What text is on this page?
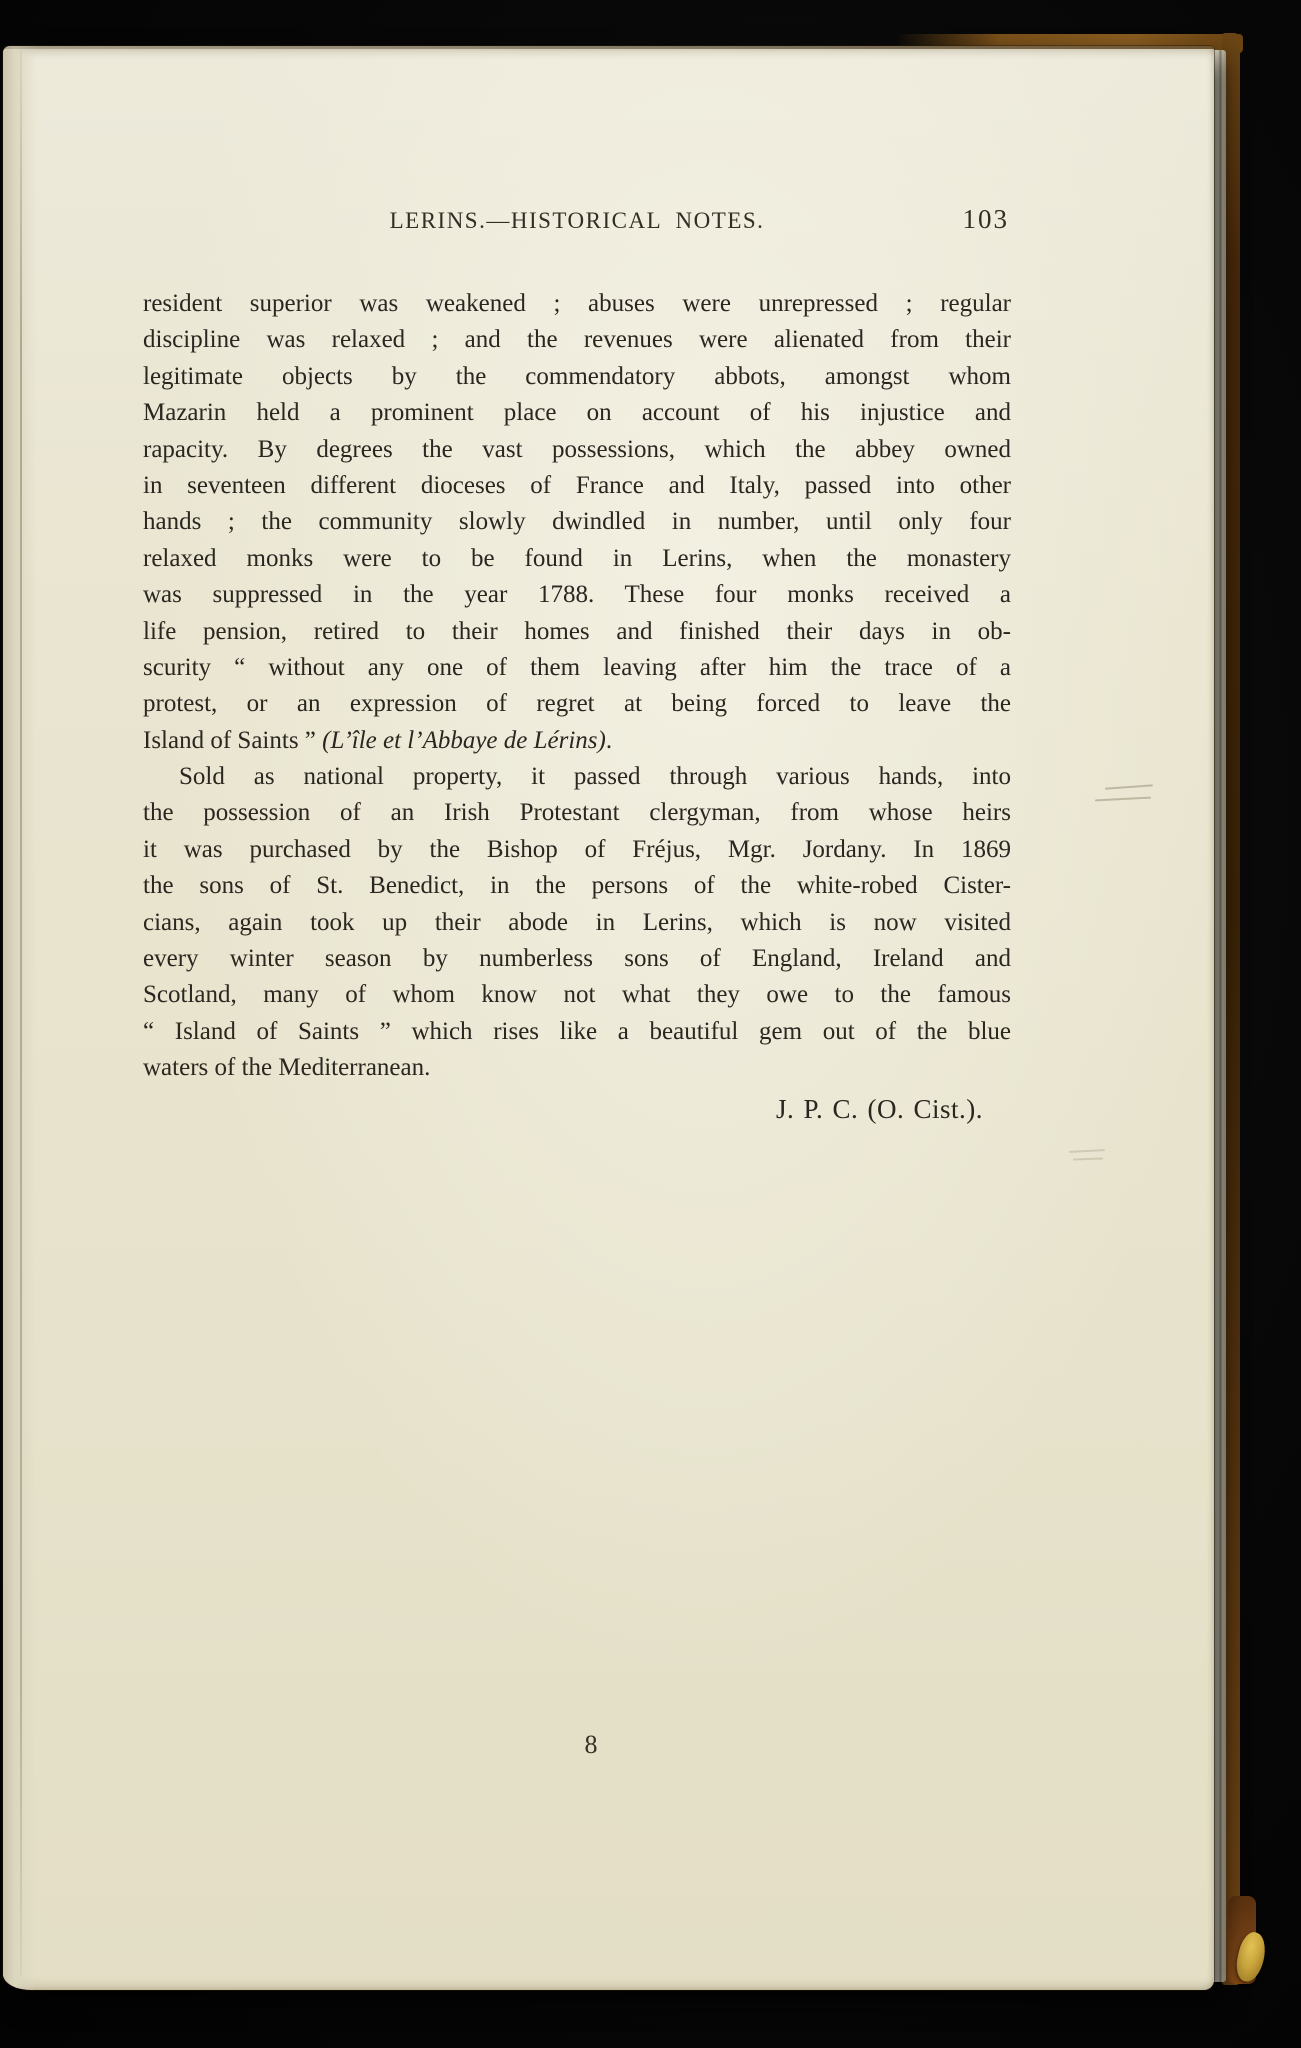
LERINS.—HISTORICAL NOTES.	103
resident superior was weakened ; abuses were unrepressed ; regular
discipline was relaxed ; and the revenues were alienated from their
legitimate objects by the commendatory abbots, amongst whom
Mazarin held a prominent place on account of his injustice and
rapacity. By degrees the vast possessions, which the abbey owned
in seventeen different dioceses of France and Italy, passed into other
hands ; the community slowly dwindled in number, until only four
relaxed monks were to be found in Lerins, when the monastery
was suppressed in the year 1788. These four monks received a
life pension, retired to their homes and finished their days in ob-
scurity “ without any one of them leaving after him the trace of a
protest, or an expression of regret at being forced to leave the
Island of Saints ” (L’île et l’Abbaye de Lérins).
Sold as national property, it passed through various hands, into
the possession of an Irish Protestant clergyman, from whose heirs
it was purchased by the Bishop of Fréjus, Mgr. Jordany. In 1869
the sons of St. Benedict, in the persons of the white-robed Cister-
cians, again took up their abode in Lerins, which is now visited
every winter season by numberless sons of England, Ireland and
Scotland, many of whom know not what they owe to the famous
“ Island of Saints ” which rises like a beautiful gem out of the blue
waters of the Mediterranean.
J. P. C. (O. Cist.).
8
